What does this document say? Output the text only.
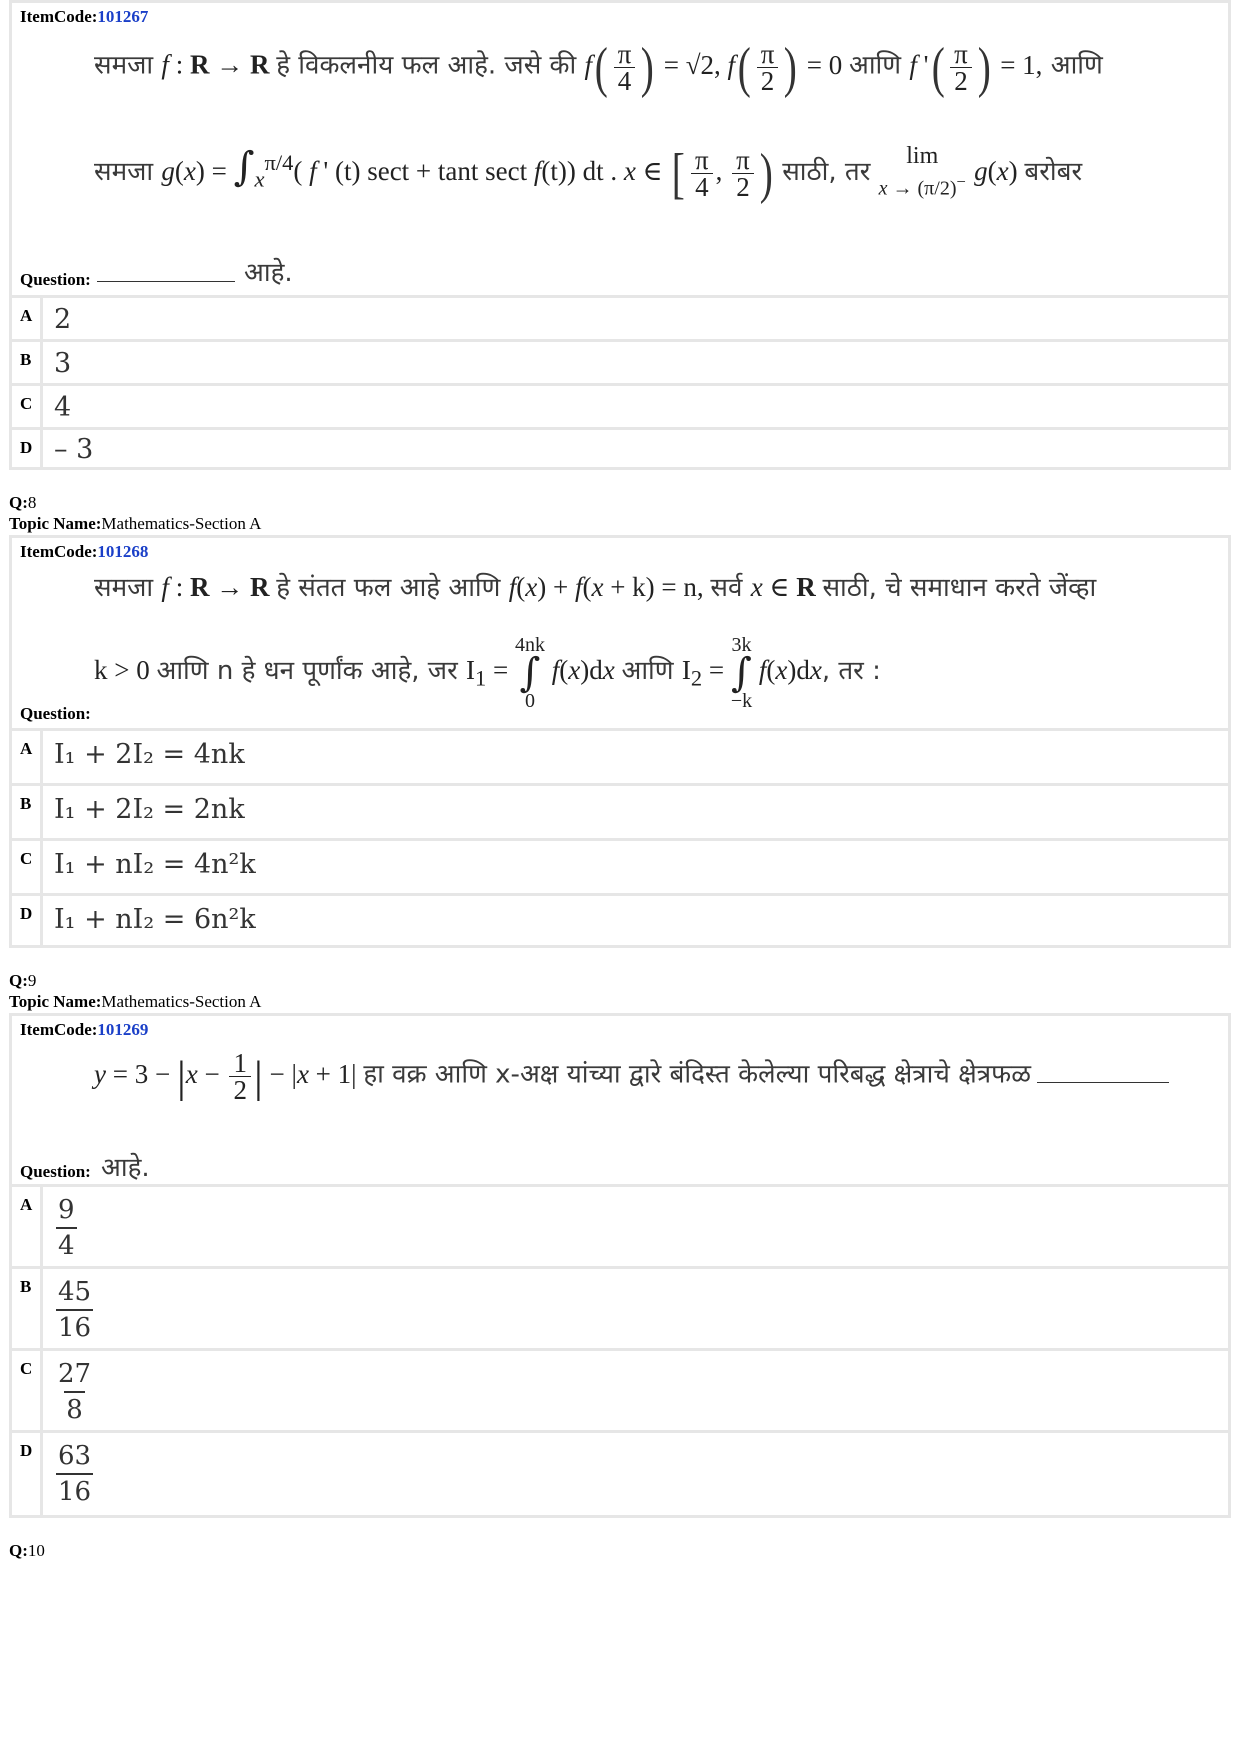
ItemCode:101267
समजा f : R → R हे विकलनीय फल आहे. जसे की $f( \frac{\pi}{4}$ ) = √2, $f( \frac{\pi}{2}$ ) = 0 आणि f '( $\frac{\pi}{2}$ ) = 1, आणि
समजा $g(x) = \int_x^{\pi/4}$( f ' (t) sect + tant sect f(t)) dt . x ∈ [ $\frac{\pi}{4}$ , $\frac{\pi}{2}$ ) साठी, तर
lim
x → (π/2)− g(x) बरोबर
Question:	आहे.
A 2
B 3
C 4
D – 3
Q:8
Topic Name:Mathematics-Section A
ItemCode:101268
समजा f : R → R हे संतत फल आहे आणि f(x) + f(x + k) = n, सर्व x ∈ R साठी, चे समाधान करते जेंव्हा
k > 0 आणि n हे धन पूर्णांक आहे, जर $I_1$ =
4nk
∫
0
f(x)dx आणि $I_2$ =
3k
∫
−k
f(x)dx, तर :
Question:
A I₁ + 2I₂ = 4nk
B I₁ + 2I₂ = 2nk
C I₁ + nI₂ = 4n²k
D I₁ + nI₂ = 6n²k
Q:9
Topic Name:Mathematics-Section A
ItemCode:101269
$y = 3 - |x - \frac{1}{2}$ | − |x + 1| हा वक्र आणि x-अक्ष यांच्या द्वारे बंदिस्त केलेल्या परिबद्ध क्षेत्राचे क्षेत्रफळ
Question: आहे.
A $\frac{9}{4}$
B $\frac{45}{16}$
C $\frac{27}{8}$
D $\frac{63}{16}$
Q:10
